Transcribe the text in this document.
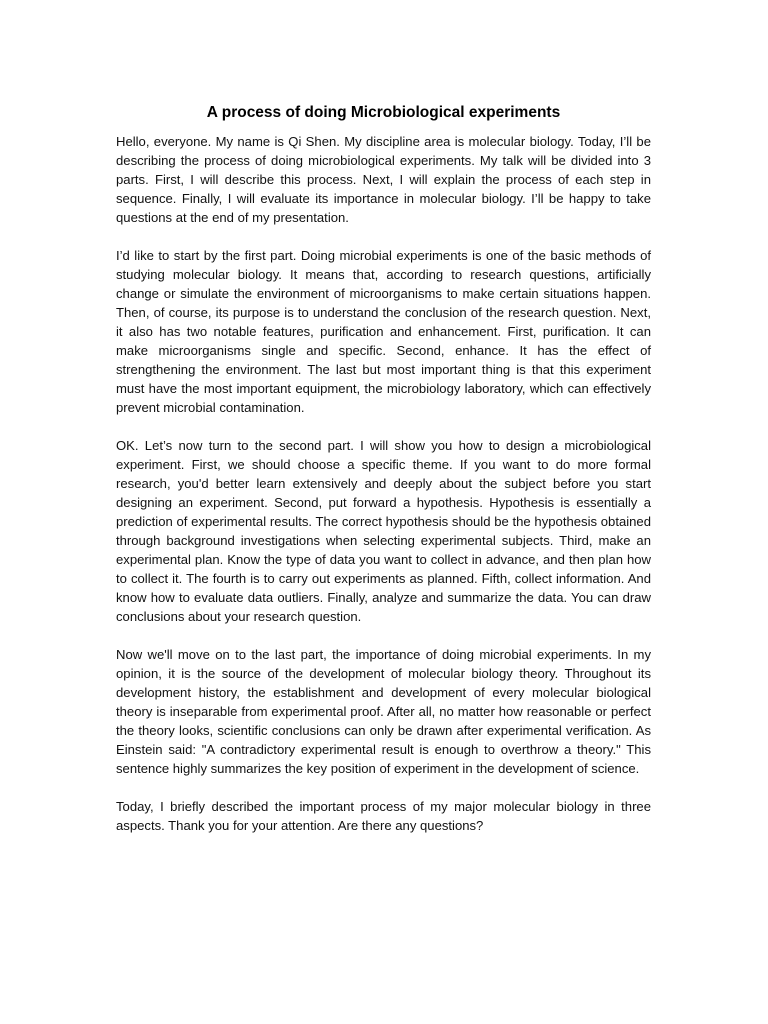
A process of doing Microbiological experiments

Hello, everyone. My name is Qi Shen. My discipline area is molecular biology. Today, I’ll be describing the process of doing microbiological experiments. My talk will be divided into 3 parts. First, I will describe this process. Next, I will explain the process of each step in sequence. Finally, I will evaluate its importance in molecular biology. I’ll be happy to take questions at the end of my presentation.

I’d like to start by the first part. Doing microbial experiments is one of the basic methods of studying molecular biology. It means that, according to research questions, artificially change or simulate the environment of microorganisms to make certain situations happen. Then, of course, its purpose is to understand the conclusion of the research question. Next, it also has two notable features, purification and enhancement. First, purification. It can make microorganisms single and specific. Second, enhance. It has the effect of strengthening the environment. The last but most important thing is that this experiment must have the most important equipment, the microbiology laboratory, which can effectively prevent microbial contamination.

OK. Let’s now turn to the second part. I will show you how to design a microbiological experiment. First, we should choose a specific theme. If you want to do more formal research, you'd better learn extensively and deeply about the subject before you start designing an experiment. Second, put forward a hypothesis. Hypothesis is essentially a prediction of experimental results. The correct hypothesis should be the hypothesis obtained through background investigations when selecting experimental subjects. Third, make an experimental plan. Know the type of data you want to collect in advance, and then plan how to collect it. The fourth is to carry out experiments as planned. Fifth, collect information. And know how to evaluate data outliers. Finally, analyze and summarize the data. You can draw conclusions about your research question.

Now we'll move on to the last part, the importance of doing microbial experiments. In my opinion, it is the source of the development of molecular biology theory. Throughout its development history, the establishment and development of every molecular biological theory is inseparable from experimental proof. After all, no matter how reasonable or perfect the theory looks, scientific conclusions can only be drawn after experimental verification. As Einstein said: "A contradictory experimental result is enough to overthrow a theory." This sentence highly summarizes the key position of experiment in the development of science.

Today, I briefly described the important process of my major molecular biology in three aspects. Thank you for your attention. Are there any questions?
